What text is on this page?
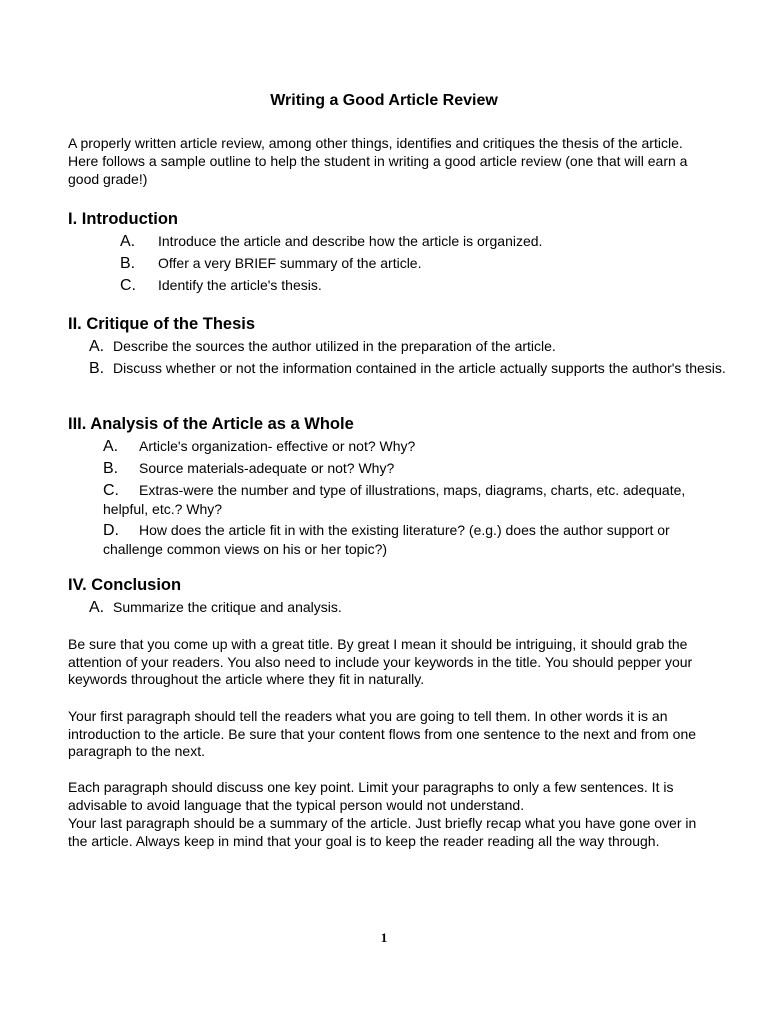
Writing a Good Article Review
A properly written article review, among other things, identifies and critiques the thesis of the article. Here follows a sample outline to help the student in writing a good article review (one that will earn a good grade!)
I. Introduction
A.	Introduce the article and describe how the article is organized.
B.	Offer a very BRIEF summary of the article.
C.	Identify the article's thesis.
II. Critique of the Thesis
A. Describe the sources the author utilized in the preparation of the article.
B. Discuss whether or not the information contained in the article actually supports the author's thesis.
III. Analysis of the Article as a Whole
A.	Article's organization- effective or not? Why?
B.	Source materials-adequate or not? Why?
C. Extras-were the number and type of illustrations, maps, diagrams, charts, etc. adequate, helpful, etc.? Why?
D. How does the article fit in with the existing literature? (e.g.) does the author support or challenge common views on his or her topic?)
IV. Conclusion
A. Summarize the critique and analysis.
Be sure that you come up with a great title. By great I mean it should be intriguing, it should grab the attention of your readers. You also need to include your keywords in the title. You should pepper your keywords throughout the article where they fit in naturally.
Your first paragraph should tell the readers what you are going to tell them. In other words it is an introduction to the article. Be sure that your content flows from one sentence to the next and from one paragraph to the next.
Each paragraph should discuss one key point. Limit your paragraphs to only a few sentences. It is advisable to avoid language that the typical person would not understand.
Your last paragraph should be a summary of the article. Just briefly recap what you have gone over in the article. Always keep in mind that your goal is to keep the reader reading all the way through.
1
